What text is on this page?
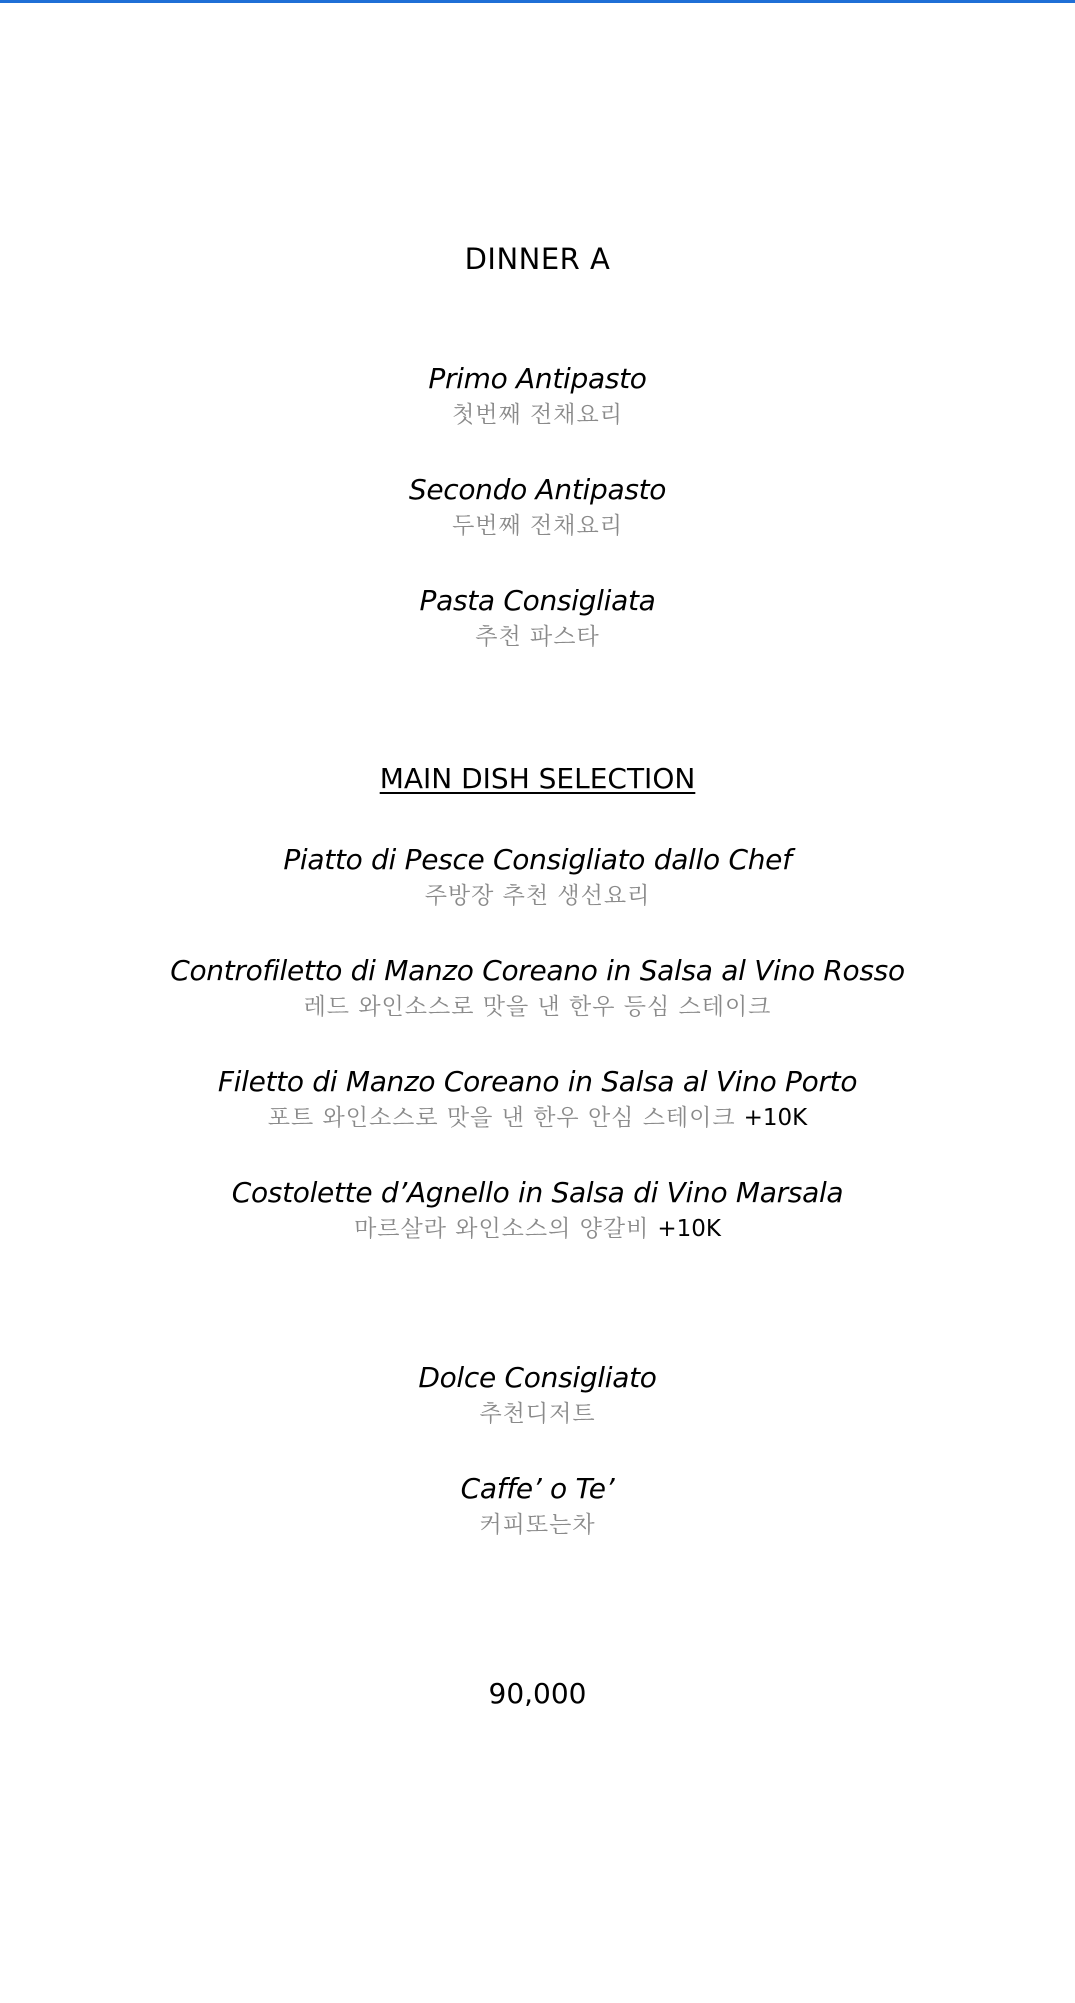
DINNER A
Primo Antipasto
첫번째 전채요리
Secondo Antipasto
두번째 전채요리
Pasta Consigliata
추천 파스타
MAIN DISH SELECTION
Piatto di Pesce Consigliato dallo Chef
주방장 추천 생선요리
Controfiletto di Manzo Coreano in Salsa al Vino Rosso
레드 와인소스로 맛을 낸 한우 등심 스테이크
Filetto di Manzo Coreano in Salsa al Vino Porto
포트 와인소스로 맛을 낸 한우 안심 스테이크 +10K
Costolette d’Agnello in Salsa di Vino Marsala
마르살라 와인소스의 양갈비 +10K
Dolce Consigliato
추천디저트
Caffe’ o Te’
커피또는차
90,000
